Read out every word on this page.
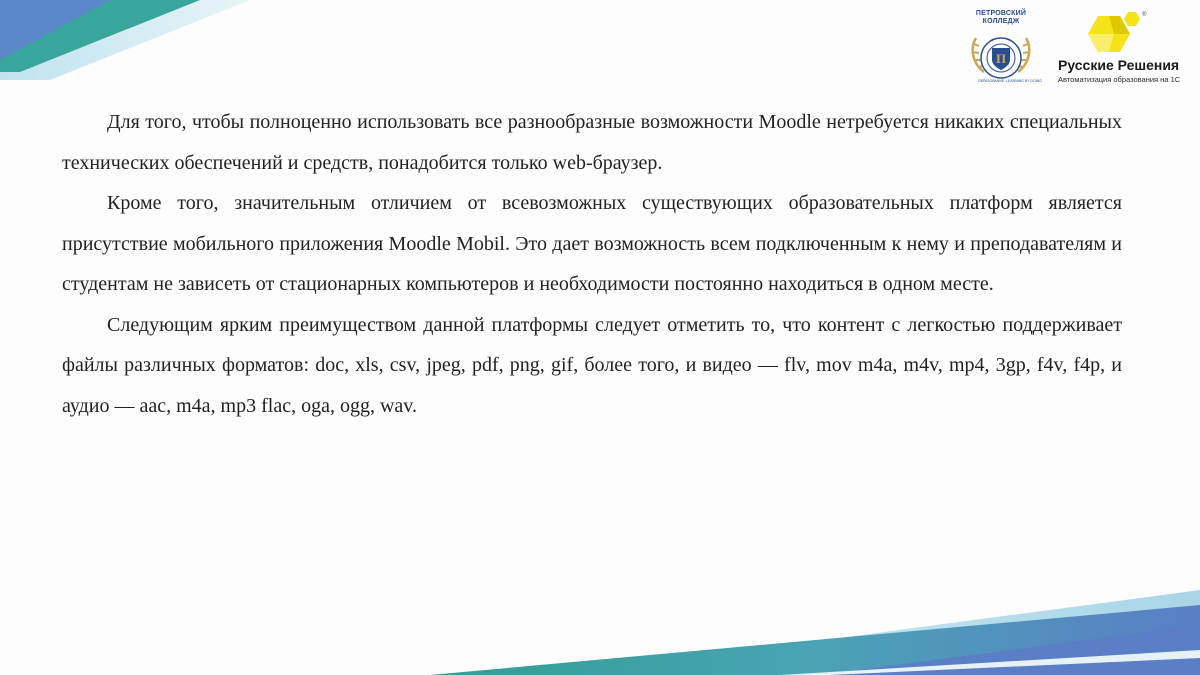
ПЕТРОВСКИЙ
КОЛЛЕДЖ
П
ОБРАЗОВАНИЕ LEARNING BY DOING
®
Русские Решения
Автоматизация образования на 1С

Для того, чтобы полноценно использовать все разнообразные возможности Moodle нетребуется никаких специальных технических обеспечений и средств, понадобится только web-браузер.

Кроме того, значительным отличием от всевозможных существующих образовательных платформ является присутствие мобильного приложения Moodle Mobil. Это дает возможность всем подключенным к нему и преподавателям и студентам не зависеть от стационарных компьютеров и необходимости постоянно находиться в одном месте.

Следующим ярким преимуществом данной платформы следует отметить то, что контент с легкостью поддерживает файлы различных форматов: doc, xls, csv, jpeg, pdf, png, gif, более того, и видео — flv, mov m4a, m4v, mp4, 3gp, f4v, f4p, и аудио — aac, m4a, mp3 flac, oga, ogg, wav.
